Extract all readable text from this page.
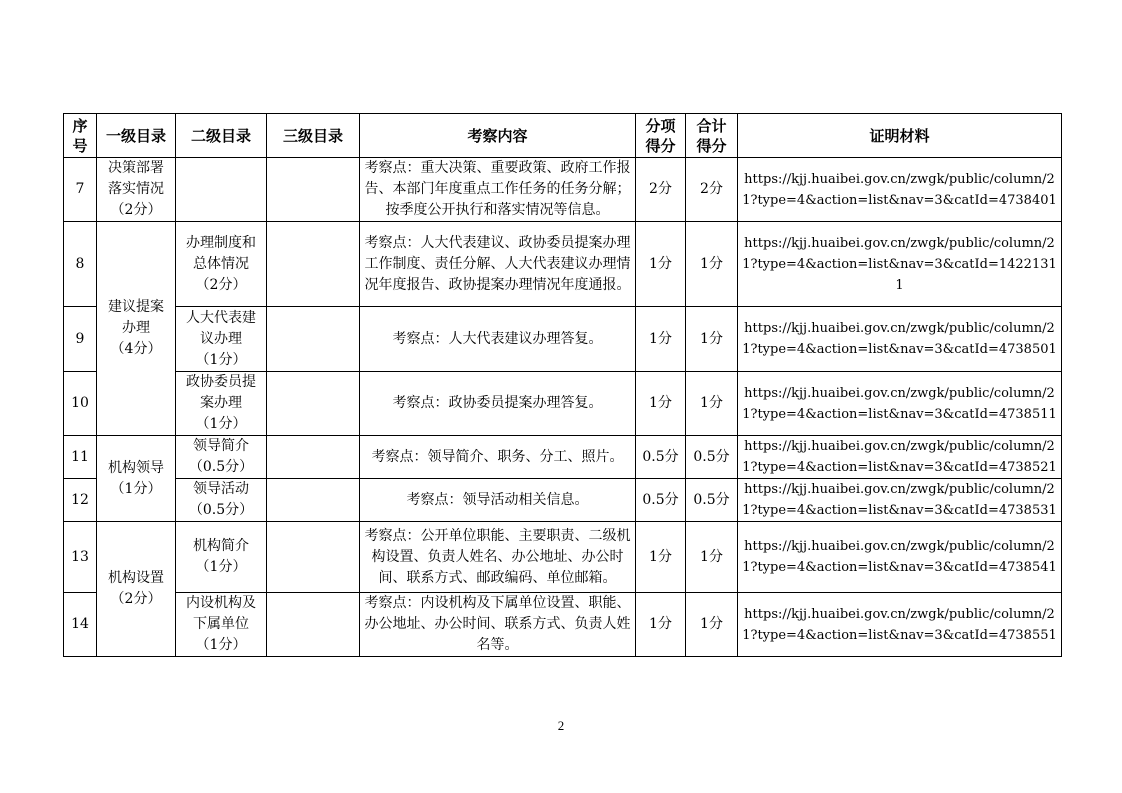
序 号	一级目录	二级目录	三级目录	考察内容	分项 得分	合计 得分	证明材料
7	决策部署
落实情况
（2分）			考察点：重大决策、重要政策、政府工作报告、本部门年度重点工作任务的任务分解；按季度公开执行和落实情况等信息。	2分	2分	https://kjj.huaibei.gov.cn/zwgk/public/column/21?type=4&action=list&nav=3&catId=4738401
8	建议提案
办理
（4分）	办理制度和
总体情况
（2分）		考察点：人大代表建议、政协委员提案办理工作制度、责任分解、人大代表建议办理情况年度报告、政协提案办理情况年度通报。	1分	1分	https://kjj.huaibei.gov.cn/zwgk/public/column/21?type=4&action=list&nav=3&catId=14221311
9		人大代表建
议办理
（1分）		考察点：人大代表建议办理答复。	1分	1分	https://kjj.huaibei.gov.cn/zwgk/public/column/21?type=4&action=list&nav=3&catId=4738501
10		政协委员提
案办理
（1分）		考察点：政协委员提案办理答复。	1分	1分	https://kjj.huaibei.gov.cn/zwgk/public/column/21?type=4&action=list&nav=3&catId=4738511
11	机构领导
（1分）	领导简介
（0.5分）		考察点：领导简介、职务、分工、照片。	0.5分	0.5分	https://kjj.huaibei.gov.cn/zwgk/public/column/21?type=4&action=list&nav=3&catId=4738521
12		领导活动
（0.5分）		考察点：领导活动相关信息。	0.5分	0.5分	https://kjj.huaibei.gov.cn/zwgk/public/column/21?type=4&action=list&nav=3&catId=4738531
13	机构设置
（2分）	机构简介
（1分）		考察点：公开单位职能、主要职责、二级机构设置、负责人姓名、办公地址、办公时间、联系方式、邮政编码、单位邮箱。	1分	1分	https://kjj.huaibei.gov.cn/zwgk/public/column/21?type=4&action=list&nav=3&catId=4738541
14		内设机构及
下属单位
（1分）		考察点：内设机构及下属单位设置、职能、办公地址、办公时间、联系方式、负责人姓名等。	1分	1分	https://kjj.huaibei.gov.cn/zwgk/public/column/21?type=4&action=list&nav=3&catId=4738551
2
